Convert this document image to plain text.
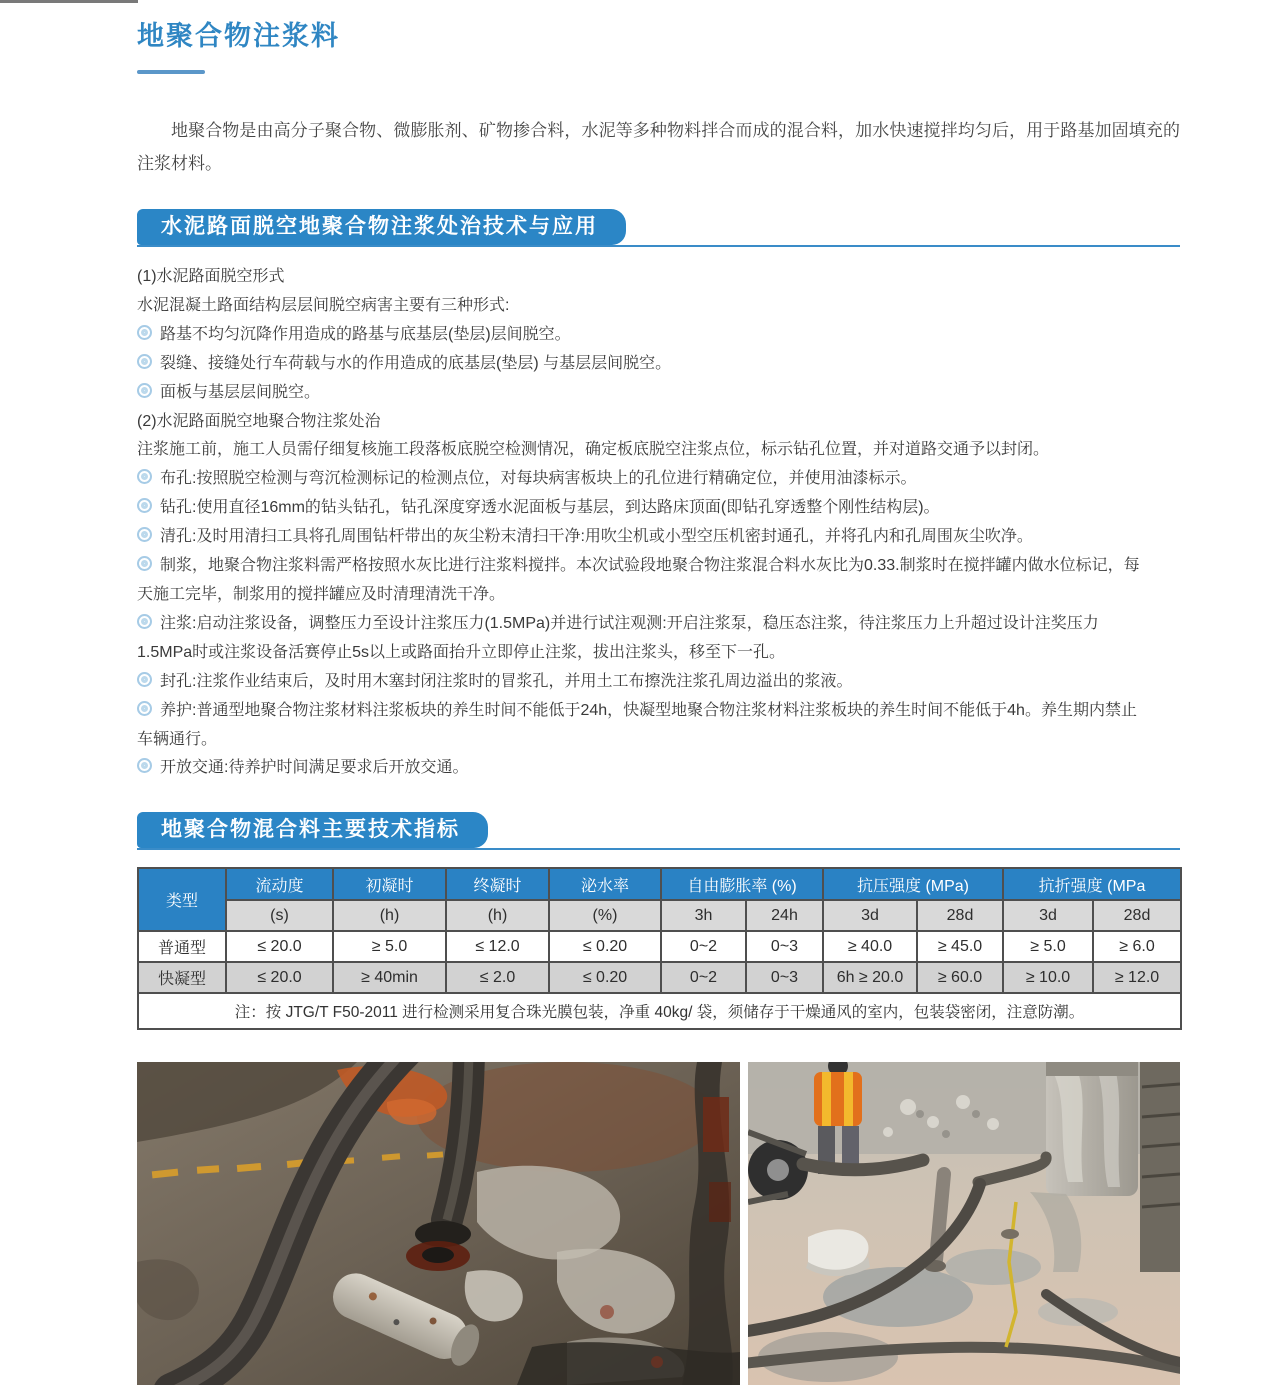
地聚合物注浆料

地聚合物是由高分子聚合物、微膨胀剂、矿物掺合料，水泥等多种物料拌合而成的混合料，加水快速搅拌均匀后，用于路基加固填充的注浆材料。

水泥路面脱空地聚合物注浆处治技术与应用
(1)水泥路面脱空形式
水泥混凝土路面结构层层间脱空病害主要有三种形式:
路基不均匀沉降作用造成的路基与底基层(垫层)层间脱空。
裂缝、接缝处行车荷载与水的作用造成的底基层(垫层) 与基层层间脱空。
面板与基层层间脱空。
(2)水泥路面脱空地聚合物注浆处治
注浆施工前，施工人员需仔细复核施工段落板底脱空检测情况，确定板底脱空注浆点位，标示钻孔位置，并对道路交通予以封闭。
布孔:按照脱空检测与弯沉检测标记的检测点位，对每块病害板块上的孔位进行精确定位，并使用油漆标示。
钻孔:使用直径16mm的钻头钻孔，钻孔深度穿透水泥面板与基层，到达路床顶面(即钻孔穿透整个刚性结构层)。
清孔:及时用清扫工具将孔周围钻杆带出的灰尘粉末清扫干净:用吹尘机或小型空压机密封通孔，并将孔内和孔周围灰尘吹净。
制浆，地聚合物注浆料需严格按照水灰比进行注浆料搅拌。本次试验段地聚合物注浆混合料水灰比为0.33.制浆时在搅拌罐内做水位标记，每
天施工完毕，制浆用的搅拌罐应及时清理清洗干净。
注浆:启动注浆设备，调整压力至设计注浆压力(1.5MPa)并进行试注观测:开启注浆泵，稳压态注浆，待注浆压力上升超过设计注奖压力
1.5MPa时或注浆设备活赛停止5s以上或路面抬升立即停止注浆，拔出注浆头，移至下一孔。
封孔:注浆作业结束后，及时用木塞封闭注浆时的冒浆孔，并用土工布擦洗注浆孔周边溢出的浆液。
养护:普通型地聚合物注浆材料注浆板块的养生时间不能低于24h，快凝型地聚合物注浆材料注浆板块的养生时间不能低于4h。养生期内禁止
车辆通行。
开放交通:待养护时间满足要求后开放交通。
地聚合物混合料主要技术指标
类型	流动度	初凝时	终凝时	泌水率	自由膨胀率 (%)		抗压强度 (MPa)		抗折强度 (MPa	
	(s)	(h)	(h)	(%)	3h	24h	3d	28d	3d	28d
普通型	≤ 20.0	≥ 5.0	≤ 12.0	≤ 0.20	0~2	0~3	≥ 40.0	≥ 45.0	≥ 5.0	≥ 6.0
快凝型	≤ 20.0	≥ 40min	≤ 2.0	≤ 0.20	0~2	0~3	6h ≥ 20.0	≥ 60.0	≥ 10.0	≥ 12.0
注：按 JTG/T F50-2011 进行检测采用复合珠光膜包装，净重 40kg/ 袋，须储存于干燥通风的室内，包装袋密闭，注意防潮。										
